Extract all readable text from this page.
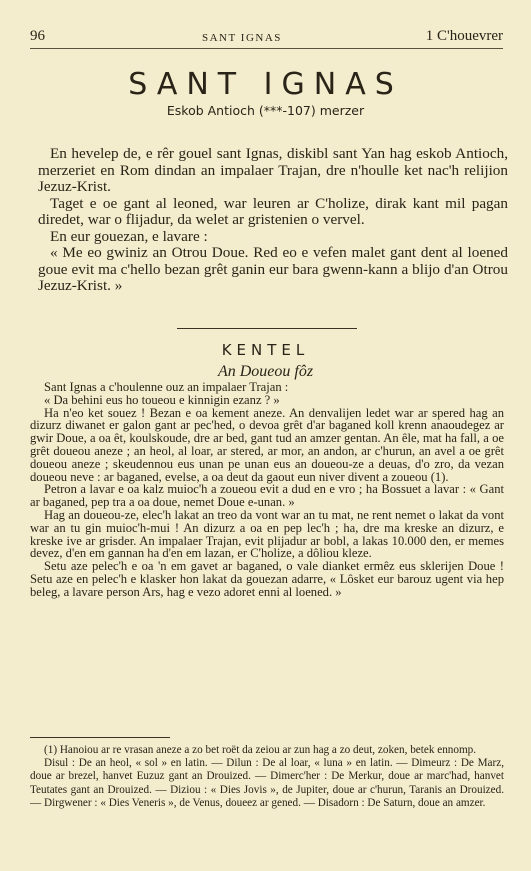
96	SANT IGNAS	1 C'houevrer
SANT IGNAS
Eskob Antioch (***-107) merzer

En hevelep de, e rêr gouel sant Ignas, diskibl sant Yan hag eskob Antioch, merzeriet en Rom dindan an impalaer Trajan, dre n'houlle ket nac'h relijion Jezuz-Krist.

Taget e oe gant al leoned, war leuren ar C'holize, dirak kant mil pagan diredet, war o flijadur, da welet ar gristenien o vervel.

En eur gouezan, e lavare :

« Me eo gwiniz an Otrou Doue. Red eo e vefen malet gant dent al loened goue evit ma c'hello bezan grêt ganin eur bara gwenn-kann a blijo d'an Otrou Jezuz-Krist. »

KENTEL
An Doueou fôz

Sant Ignas a c'houlenne ouz an impalaer Trajan :

« Da behini eus ho toueou e kinnigin ezanz ? »

Ha n'eo ket souez ! Bezan e oa kement aneze. An denvalijen ledet war ar spered hag an dizurz diwanet er galon gant ar pec'hed, o devoa grêt d'ar baganed koll krenn anaoudegez ar gwir Doue, a oa êt, koulskoude, dre ar bed, gant tud an amzer gentan. An êle, mat ha fall, a oe grêt doueou aneze ; an heol, al loar, ar stered, ar mor, an andon, ar c'hurun, an avel a oe grêt doueou aneze ; skeudennou eus unan pe unan eus an doueou-ze a deuas, d'o zro, da vezan doueou neve : ar baganed, evelse, a oa deut da gaout eun niver divent a zoueou (1).

Petron a lavar e oa kalz muioc'h a zoueou evit a dud en e vro ; ha Bossuet a lavar : « Gant ar baganed, pep tra a oa doue, nemet Doue e-unan. »

Hag an doueou-ze, elec'h lakat an treo da vont war an tu mat, ne rent nemet o lakat da vont war an tu gin muioc'h-mui ! An dizurz a oa en pep lec'h ; ha, dre ma kreske an dizurz, e kreske ive ar grisder. An impalaer Trajan, evit plijadur ar bobl, a lakas 10.000 den, er memes devez, d'en em gannan ha d'en em lazan, er C'holize, a dôliou kleze.

Setu aze pelec'h e oa 'n em gavet ar baganed, o vale dianket ermêz eus sklerijen Doue ! Setu aze en pelec'h e klasker hon lakat da gouezan adarre, « Lôsket eur barouz ugent via hep beleg, a lavare person Ars, hag e vezo adoret enni al loened. »

(1) Hanoiou ar re vrasan aneze a zo bet roët da zeiou ar zun hag a zo deut, zoken, betek ennomp.

Disul : De an heol, « sol » en latin. — Dilun : De al loar, « luna » en latin. — Dimeurz : De Marz, doue ar brezel, hanvet Euzuz gant an Drouized. — Dimerc'her : De Merkur, doue ar marc'had, hanvet Teutates gant an Drouized. — Diziou : « Dies Jovis », de Jupiter, doue ar c'hurun, Taranis an Drouized. — Dirgwener : « Dies Veneris », de Venus, doueez ar gened. — Disadorn : De Saturn, doue an amzer.
